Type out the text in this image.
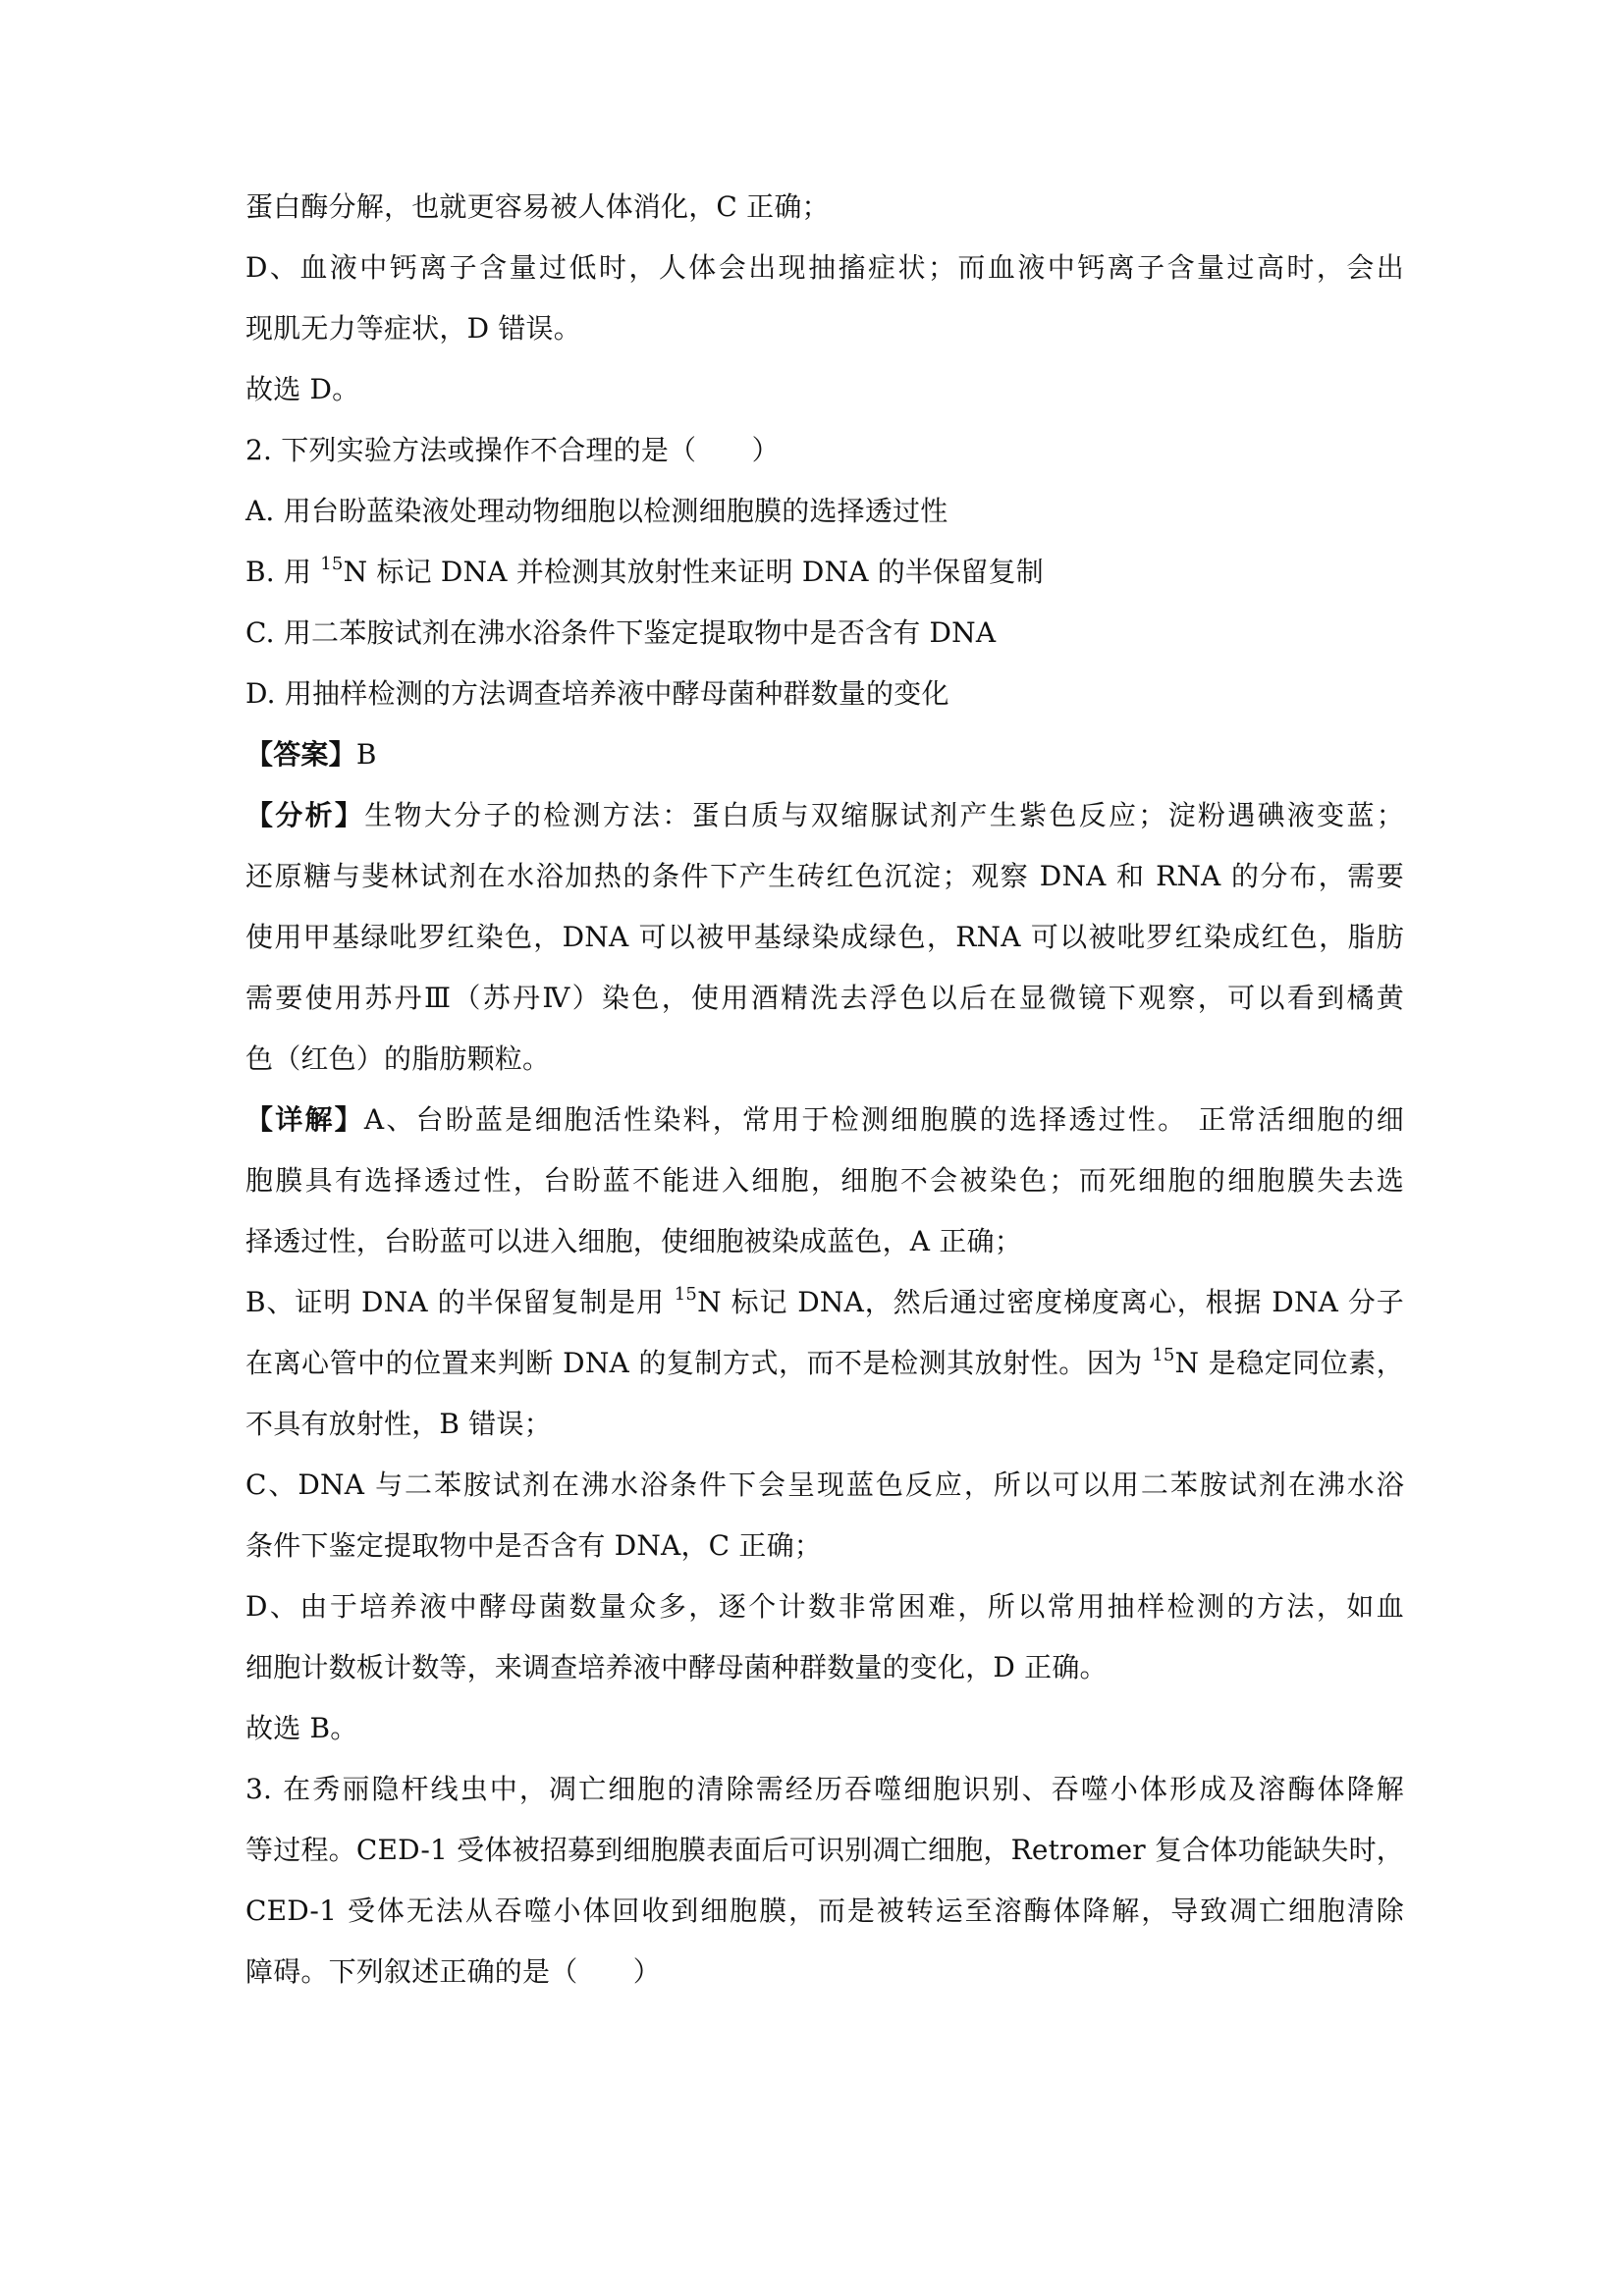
蛋白酶分解，也就更容易被人体消化，C 正确；
D、血液中钙离子含量过低时，人体会出现抽搐症状；而血液中钙离子含量过高时，会出
现肌无力等症状，D 错误。
故选 D。
2. 下列实验方法或操作不合理的是（　　）
A. 用台盼蓝染液处理动物细胞以检测细胞膜的选择透过性
B. 用 $^{15}$N 标记 DNA 并检测其放射性来证明 DNA 的半保留复制
C. 用二苯胺试剂在沸水浴条件下鉴定提取物中是否含有 DNA
D. 用抽样检测的方法调查培养液中酵母菌种群数量的变化
【答案】B
【分析】生物大分子的检测方法：蛋白质与双缩脲试剂产生紫色反应；淀粉遇碘液变蓝；
还原糖与斐林试剂在水浴加热的条件下产生砖红色沉淀；观察 DNA 和 RNA 的分布，需要
使用甲基绿吡罗红染色，DNA 可以被甲基绿染成绿色，RNA 可以被吡罗红染成红色，脂肪
需要使用苏丹Ⅲ（苏丹Ⅳ）染色，使用酒精洗去浮色以后在显微镜下观察，可以看到橘黄
色（红色）的脂肪颗粒。
【详解】A、台盼蓝是细胞活性染料，常用于检测细胞膜的选择透过性。 正常活细胞的细
胞膜具有选择透过性，台盼蓝不能进入细胞，细胞不会被染色；而死细胞的细胞膜失去选
择透过性，台盼蓝可以进入细胞，使细胞被染成蓝色，A 正确；
B、证明 DNA 的半保留复制是用 $^{15}$N 标记 DNA，然后通过密度梯度离心，根据 DNA 分子
在离心管中的位置来判断 DNA 的复制方式，而不是检测其放射性。因为 $^{15}$N 是稳定同位素，
不具有放射性，B 错误；
C、DNA 与二苯胺试剂在沸水浴条件下会呈现蓝色反应，所以可以用二苯胺试剂在沸水浴
条件下鉴定提取物中是否含有 DNA，C 正确；
D、由于培养液中酵母菌数量众多，逐个计数非常困难，所以常用抽样检测的方法，如血
细胞计数板计数等，来调查培养液中酵母菌种群数量的变化，D 正确。
故选 B。
3. 在秀丽隐杆线虫中，凋亡细胞的清除需经历吞噬细胞识别、吞噬小体形成及溶酶体降解
等过程。CED-1 受体被招募到细胞膜表面后可识别凋亡细胞，Retromer 复合体功能缺失时，
CED-1 受体无法从吞噬小体回收到细胞膜，而是被转运至溶酶体降解，导致凋亡细胞清除
障碍。下列叙述正确的是（　　）
